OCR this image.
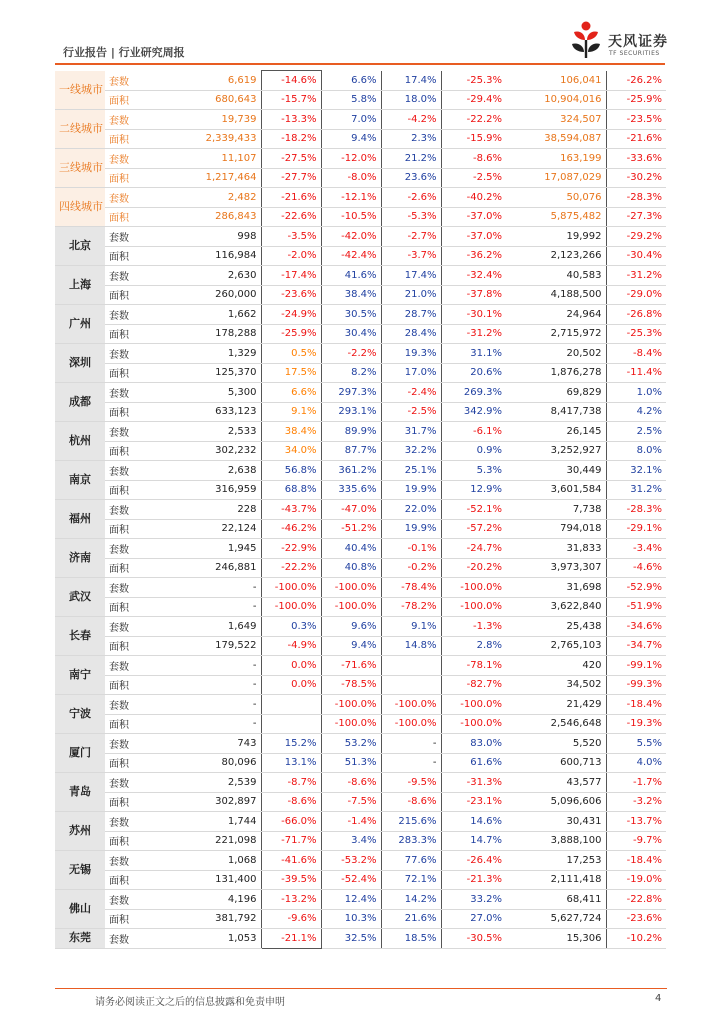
行业报告 | 行业研究周报
天风证券
TF SECURITIES
一线城市	套数	6,619	-14.6%	6.6%	17.4%	-25.3%	106,041	-26.2%
	面积	680,643	-15.7%	5.8%	18.0%	-29.4%	10,904,016	-25.9%
二线城市	套数	19,739	-13.3%	7.0%	-4.2%	-22.2%	324,507	-23.5%
	面积	2,339,433	-18.2%	9.4%	2.3%	-15.9%	38,594,087	-21.6%
三线城市	套数	11,107	-27.5%	-12.0%	21.2%	-8.6%	163,199	-33.6%
	面积	1,217,464	-27.7%	-8.0%	23.6%	-2.5%	17,087,029	-30.2%
四线城市	套数	2,482	-21.6%	-12.1%	-2.6%	-40.2%	50,076	-28.3%
	面积	286,843	-22.6%	-10.5%	-5.3%	-37.0%	5,875,482	-27.3%
北京	套数	998	-3.5%	-42.0%	-2.7%	-37.0%	19,992	-29.2%
	面积	116,984	-2.0%	-42.4%	-3.7%	-36.2%	2,123,266	-30.4%
上海	套数	2,630	-17.4%	41.6%	17.4%	-32.4%	40,583	-31.2%
	面积	260,000	-23.6%	38.4%	21.0%	-37.8%	4,188,500	-29.0%
广州	套数	1,662	-24.9%	30.5%	28.7%	-30.1%	24,964	-26.8%
	面积	178,288	-25.9%	30.4%	28.4%	-31.2%	2,715,972	-25.3%
深圳	套数	1,329	0.5%	-2.2%	19.3%	31.1%	20,502	-8.4%
	面积	125,370	17.5%	8.2%	17.0%	20.6%	1,876,278	-11.4%
成都	套数	5,300	6.6%	297.3%	-2.4%	269.3%	69,829	1.0%
	面积	633,123	9.1%	293.1%	-2.5%	342.9%	8,417,738	4.2%
杭州	套数	2,533	38.4%	89.9%	31.7%	-6.1%	26,145	2.5%
	面积	302,232	34.0%	87.7%	32.2%	0.9%	3,252,927	8.0%
南京	套数	2,638	56.8%	361.2%	25.1%	5.3%	30,449	32.1%
	面积	316,959	68.8%	335.6%	19.9%	12.9%	3,601,584	31.2%
福州	套数	228	-43.7%	-47.0%	22.0%	-52.1%	7,738	-28.3%
	面积	22,124	-46.2%	-51.2%	19.9%	-57.2%	794,018	-29.1%
济南	套数	1,945	-22.9%	40.4%	-0.1%	-24.7%	31,833	-3.4%
	面积	246,881	-22.2%	40.8%	-0.2%	-20.2%	3,973,307	-4.6%
武汉	套数	-	-100.0%	-100.0%	-78.4%	-100.0%	31,698	-52.9%
	面积	-	-100.0%	-100.0%	-78.2%	-100.0%	3,622,840	-51.9%
长春	套数	1,649	0.3%	9.6%	9.1%	-1.3%	25,438	-34.6%
	面积	179,522	-4.9%	9.4%	14.8%	2.8%	2,765,103	-34.7%
南宁	套数	-	0.0%	-71.6%		-78.1%	420	-99.1%
	面积	-	0.0%	-78.5%		-82.7%	34,502	-99.3%
宁波	套数	-		-100.0%	-100.0%	-100.0%	21,429	-18.4%
	面积	-		-100.0%	-100.0%	-100.0%	2,546,648	-19.3%
厦门	套数	743	15.2%	53.2%	-	83.0%	5,520	5.5%
	面积	80,096	13.1%	51.3%	-	61.6%	600,713	4.0%
青岛	套数	2,539	-8.7%	-8.6%	-9.5%	-31.3%	43,577	-1.7%
	面积	302,897	-8.6%	-7.5%	-8.6%	-23.1%	5,096,606	-3.2%
苏州	套数	1,744	-66.0%	-1.4%	215.6%	14.6%	30,431	-13.7%
	面积	221,098	-71.7%	3.4%	283.3%	14.7%	3,888,100	-9.7%
无锡	套数	1,068	-41.6%	-53.2%	77.6%	-26.4%	17,253	-18.4%
	面积	131,400	-39.5%	-52.4%	72.1%	-21.3%	2,111,418	-19.0%
佛山	套数	4,196	-13.2%	12.4%	14.2%	33.2%	68,411	-22.8%
	面积	381,792	-9.6%	10.3%	21.6%	27.0%	5,627,724	-23.6%
东莞	套数	1,053	-21.1%	32.5%	18.5%	-30.5%	15,306	-10.2%
请务必阅读正文之后的信息披露和免责申明	4
